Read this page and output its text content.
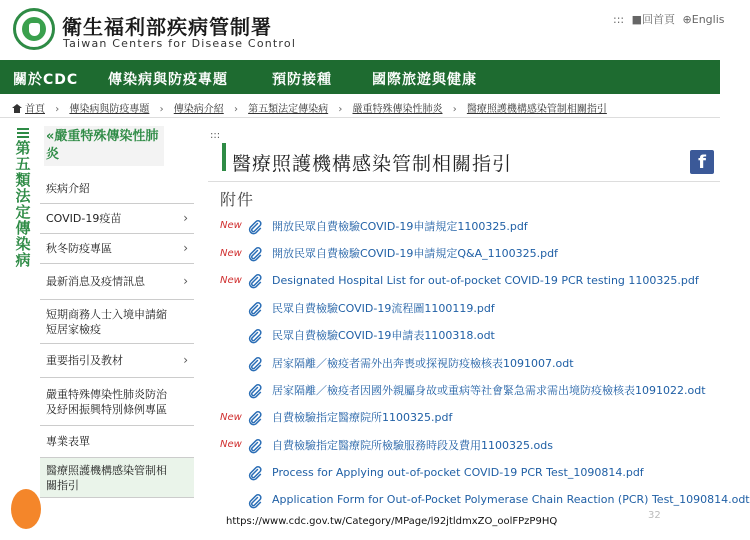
衛生福利部疾病管制署
Taiwan Centers for Disease Control
::: ■回首頁 ⊕Englis
關於CDC 傳染病與防疫專題	預防接種	國際旅遊與健康
首頁 › 傳染病與防疫專題 › 傳染病介紹 › 第五類法定傳染病 › 嚴重特殊傳染性肺炎 › 醫療照護機構感染管制相關指引
第
五
類
法
定
傳
染
病
«嚴重特殊傳染性肺炎
疾病介紹
COVID-19疫苗	›
秋冬防疫專區	›
最新消息及疫情訊息	›
短期商務人士入境申請縮短居家檢疫
重要指引及教材	›
嚴重特殊傳染性肺炎防治及紓困振興特別條例專區
專業表單
醫療照護機構感染管制相關指引
:::
醫療照護機構感染管制相關指引	f
附件
New	開放民眾自費檢驗COVID-19申請規定1100325.pdf
New	開放民眾自費檢驗COVID-19申請規定Q&A_1100325.pdf
New	Designated Hospital List for out-of-pocket COVID-19 PCR testing 1100325.pdf
民眾自費檢驗COVID-19流程圖1100119.pdf
民眾自費檢驗COVID-19申請表1100318.odt
居家隔離／檢疫者需外出奔喪或探視防疫檢核表1091007.odt
居家隔離／檢疫者因國外親屬身故或重病等社會緊急需求需出境防疫檢核表1091022.odt
New	自費檢驗指定醫療院所1100325.pdf
New	自費檢驗指定醫療院所檢驗服務時段及費用1100325.ods
Process for Applying out-of-pocket COVID-19 PCR Test_1090814.pdf
Application Form for Out-of-Pocket Polymerase Chain Reaction (PCR) Test_1090814.odt
https://www.cdc.gov.tw/Category/MPage/l92jtldmxZO_oolFPzP9HQ
32
